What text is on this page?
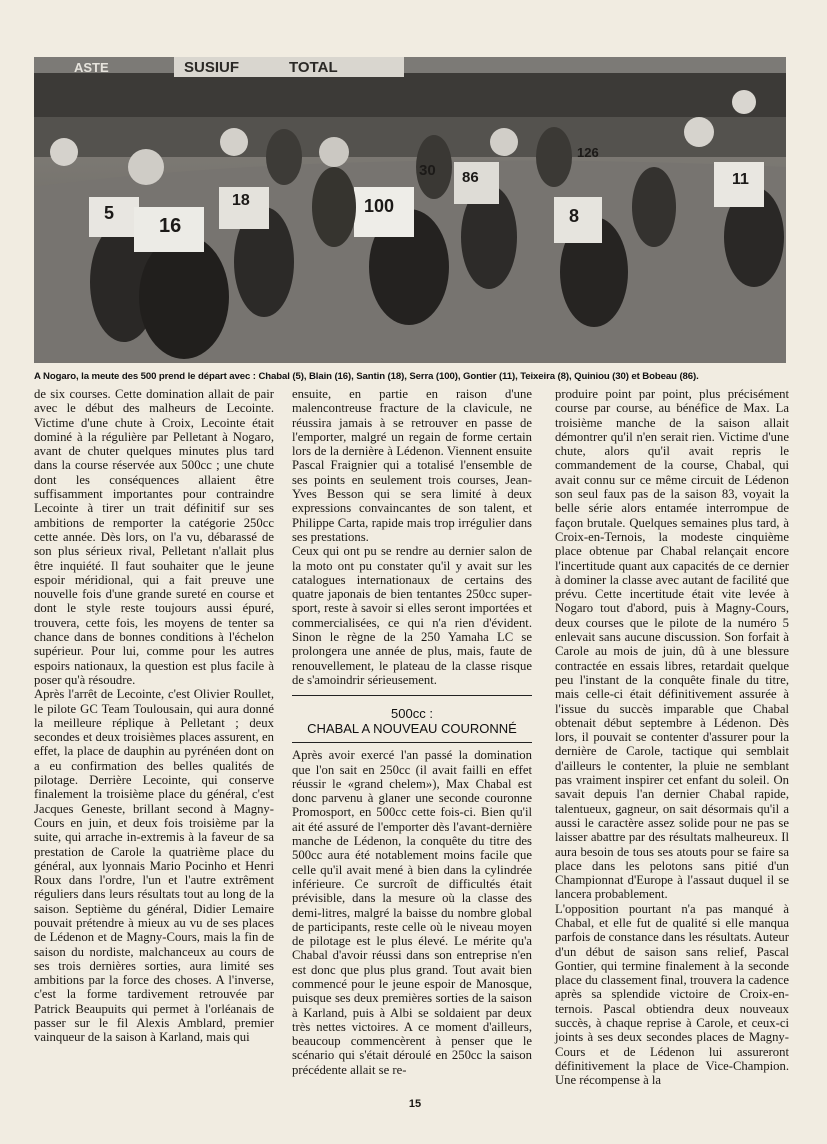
SUSIUF	TOTAL
ASTE
5
16
18	100
30 86
8
126
11
A Nogaro, la meute des 500 prend le départ avec : Chabal (5), Blain (16), Santin (18), Serra (100), Gontier (11), Teixeira (8), Quiniou (30) et Bobeau (86).

de six courses. Cette domination allait de pair avec le début des malheurs de Lecointe. Victime d'une chute à Croix, Lecointe était dominé à la régulière par Pelletant à Nogaro, avant de chuter quelques minutes plus tard dans la course réservée aux 500cc ; une chute dont les conséquences allaient être suffisamment importantes pour contraindre Lecointe à tirer un trait définitif sur ses ambitions de remporter la catégorie 250cc cette année. Dès lors, on l'a vu, débarassé de son plus sérieux rival, Pelletant n'allait plus être inquiété. Il faut souhaiter que le jeune espoir méridional, qui a fait preuve une nouvelle fois d'une grande sureté en course et dont le style reste toujours aussi épuré, trouvera, cette fois, les moyens de tenter sa chance dans de bonnes conditions à l'échelon supérieur. Pour lui, comme pour les autres espoirs nationaux, la question est plus facile à poser qu'à résoudre.

Après l'arrêt de Lecointe, c'est Olivier Roullet, le pilote GC Team Toulousain, qui aura donné la meilleure réplique à Pelletant ; deux secondes et deux troisièmes places assurent, en effet, la place de dauphin au pyrénéen dont on a eu confirmation des belles qualités de pilotage. Derrière Lecointe, qui conserve finalement la troisième place du général, c'est Jacques Geneste, brillant second à Magny-Cours en juin, et deux fois troisième par la suite, qui arrache in-extremis à la faveur de sa prestation de Carole la quatrième place du général, aux lyonnais Mario Pocinho et Henri Roux dans l'ordre, l'un et l'autre extrêment réguliers dans leurs résultats tout au long de la saison. Septième du général, Didier Lemaire pouvait prétendre à mieux au vu de ses places de Lédenon et de Magny-Cours, mais la fin de saison du nordiste, malchanceux au cours de ses trois dernières sorties, aura limité ses ambitions par la force des choses. A l'inverse, c'est la forme tardivement retrouvée par Patrick Beaupuits qui permet à l'orléanais de passer sur le fil Alexis Amblard, premier vainqueur de la saison à Karland, mais qui

ensuite, en partie en raison d'une malencontreuse fracture de la clavicule, ne réussira jamais à se retrouver en passe de l'emporter, malgré un regain de forme certain lors de la dernière à Lédenon. Viennent ensuite Pascal Fraignier qui a totalisé l'ensemble de ses points en seulement trois courses, Jean-Yves Besson qui se sera limité à deux expressions convaincantes de son talent, et Philippe Carta, rapide mais trop irrégulier dans ses prestations.

Ceux qui ont pu se rendre au dernier salon de la moto ont pu constater qu'il y avait sur les catalogues internationaux de certains des quatre japonais de bien tentantes 250cc super-sport, reste à savoir si elles seront importées et commercialisées, ce qui n'a rien d'évident. Sinon le règne de la 250 Yamaha LC se prolongera une année de plus, mais, faute de renouvellement, le plateau de la classe risque de s'amoindrir sérieusement.

500cc :
CHABAL A NOUVEAU COURONNÉ

Après avoir exercé l'an passé la domination que l'on sait en 250cc (il avait failli en effet réussir le «grand chelem»), Max Chabal est donc parvenu à glaner une seconde couronne Promosport, en 500cc cette fois-ci. Bien qu'il ait été assuré de l'emporter dès l'avant-dernière manche de Lédenon, la conquête du titre des 500cc aura été notablement moins facile que celle qu'il avait mené à bien dans la cylindrée inférieure. Ce surcroît de difficultés était prévisible, dans la mesure où la classe des demi-litres, malgré la baisse du nombre global de participants, reste celle où le niveau moyen de pilotage est le plus élevé. Le mérite qu'a Chabal d'avoir réussi dans son entreprise n'en est donc que plus plus grand. Tout avait bien commencé pour le jeune espoir de Manosque, puisque ses deux premières sorties de la saison à Karland, puis à Albi se soldaient par deux très nettes victoires. A ce moment d'ailleurs, beaucoup commencèrent à penser que le scénario qui s'était déroulé en 250cc la saison précédente allait se re-

produire point par point, plus précisément course par course, au bénéfice de Max. La troisième manche de la saison allait démontrer qu'il n'en serait rien. Victime d'une chute, alors qu'il avait repris le commandement de la course, Chabal, qui avait connu sur ce même circuit de Lédenon son seul faux pas de la saison 83, voyait la belle série alors entamée interrompue de façon brutale. Quelques semaines plus tard, à Croix-en-Ternois, la modeste cinquième place obtenue par Chabal relançait encore l'incertitude quant aux capacités de ce dernier à dominer la classe avec autant de facilité que prévu. Cette incertitude était vite levée à Nogaro tout d'abord, puis à Magny-Cours, deux courses que le pilote de la numéro 5 enlevait sans aucune discussion. Son forfait à Carole au mois de juin, dû à une blessure contractée en essais libres, retardait quelque peu l'instant de la conquête finale du titre, mais celle-ci était définitivement assurée à l'issue du succès imparable que Chabal obtenait début septembre à Lédenon. Dès lors, il pouvait se contenter d'assurer pour la dernière de Carole, tactique qui semblait d'ailleurs le contenter, la pluie ne semblant pas vraiment inspirer cet enfant du soleil. On savait depuis l'an dernier Chabal rapide, talentueux, gagneur, on sait désormais qu'il a aussi le caractère assez solide pour ne pas se laisser abattre par des résultats malheureux. Il aura besoin de tous ses atouts pour se faire sa place dans les pelotons sans pitié d'un Championnat d'Europe à l'assaut duquel il se lancera probablement.

L'opposition pourtant n'a pas manqué à Chabal, et elle fut de qualité si elle manqua parfois de constance dans les résultats. Auteur d'un début de saison sans relief, Pascal Gontier, qui termine finalement à la seconde place du classement final, trouvera la cadence après sa splendide victoire de Croix-en-ternois. Pascal obtiendra deux nouveaux succès, à chaque reprise à Carole, et ceux-ci joints à ses deux secondes places de Magny-Cours et de Lédenon lui assureront définitivement la place de Vice-Champion. Une récompense à la

15
